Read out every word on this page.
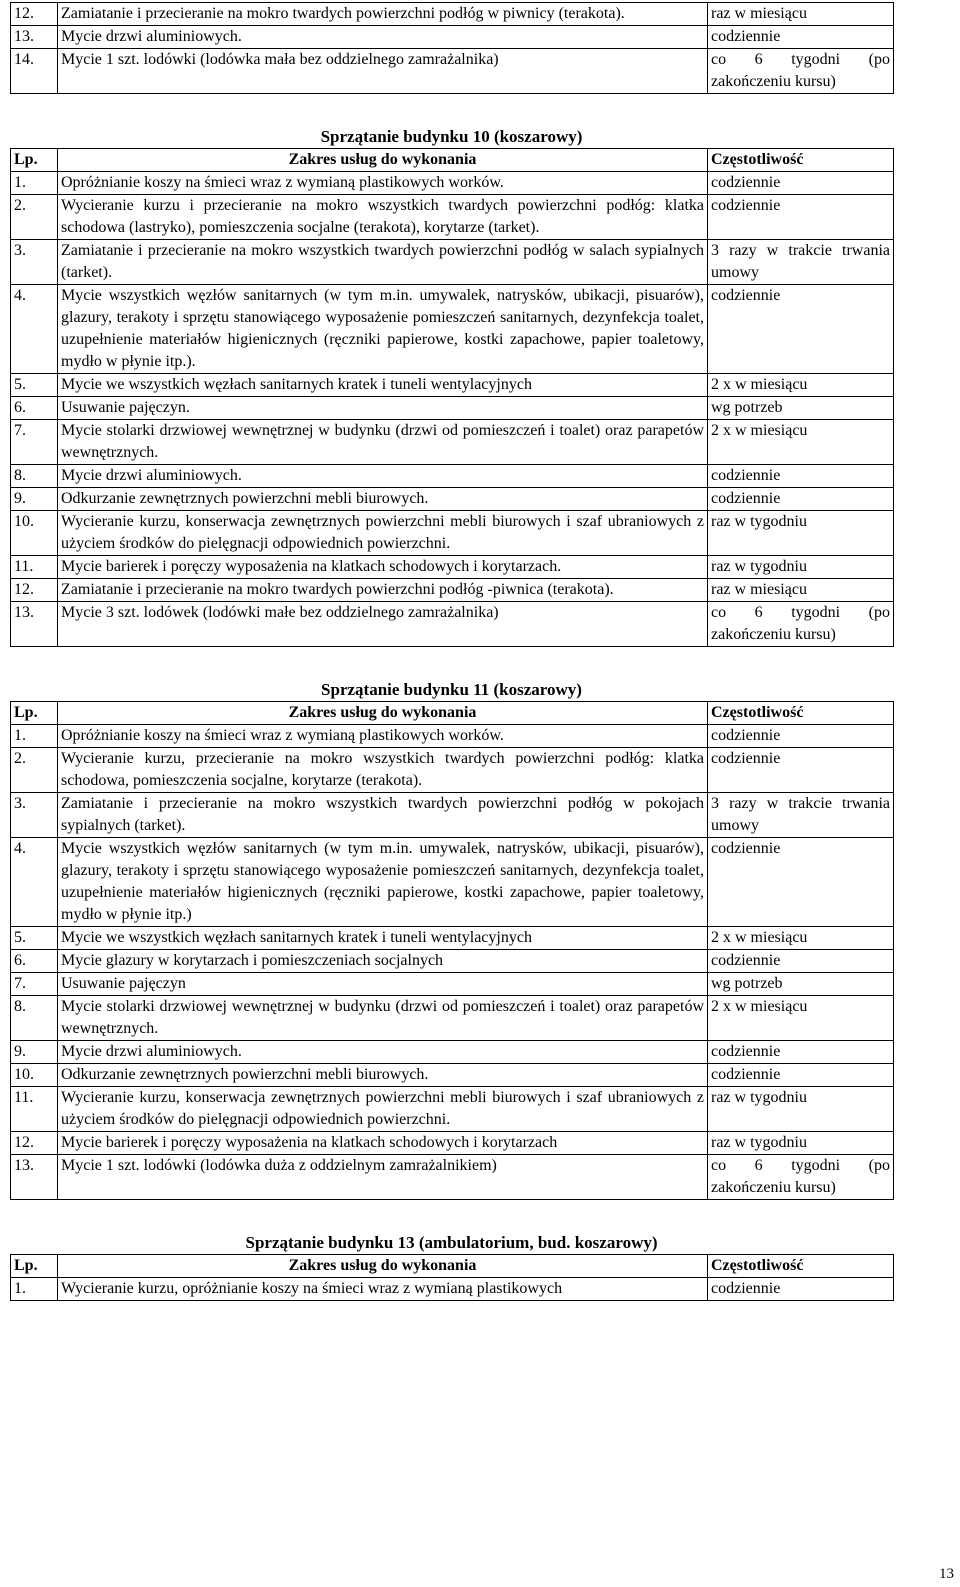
12.	Zamiatanie i przecieranie na mokro twardych powierzchni podłóg w piwnicy (terakota).	raz w miesiącu
13.	Mycie drzwi aluminiowych.	codziennie
14.	Mycie 1 szt. lodówki (lodówka mała bez oddzielnego zamrażalnika)	co 6 tygodni (po zakończeniu kursu)
Sprzątanie budynku 10 (koszarowy)
Lp.	Zakres usług do wykonania	Częstotliwość
1.	Opróżnianie koszy na śmieci wraz z wymianą plastikowych worków.	codziennie
2.	Wycieranie kurzu i przecieranie na mokro wszystkich twardych powierzchni podłóg: klatka schodowa (lastryko), pomieszczenia socjalne (terakota), korytarze (tarket).	codziennie
3.	Zamiatanie i przecieranie na mokro wszystkich twardych powierzchni podłóg w salach sypialnych (tarket).	3 razy w trakcie trwania umowy
4.	Mycie wszystkich węzłów sanitarnych (w tym m.in. umywalek, natrysków, ubikacji, pisuarów), glazury, terakoty i sprzętu stanowiącego wyposażenie pomieszczeń sanitarnych, dezynfekcja toalet, uzupełnienie materiałów higienicznych (ręczniki papierowe, kostki zapachowe, papier toaletowy, mydło w płynie itp.).	codziennie
5.	Mycie we wszystkich węzłach sanitarnych kratek i tuneli wentylacyjnych	2 x w miesiącu
6.	Usuwanie pajęczyn.	wg potrzeb
7.	Mycie stolarki drzwiowej wewnętrznej w budynku (drzwi od pomieszczeń i toalet) oraz parapetów wewnętrznych.	2 x w miesiącu
8.	Mycie drzwi aluminiowych.	codziennie
9.	Odkurzanie zewnętrznych powierzchni mebli biurowych.	codziennie
10.	Wycieranie kurzu, konserwacja zewnętrznych powierzchni mebli biurowych i szaf ubraniowych z użyciem środków do pielęgnacji odpowiednich powierzchni.	raz w tygodniu
11.	Mycie barierek i poręczy wyposażenia na klatkach schodowych i korytarzach.	raz w tygodniu
12.	Zamiatanie i przecieranie na mokro twardych powierzchni podłóg -piwnica (terakota).	raz w miesiącu
13.	Mycie 3 szt. lodówek (lodówki małe bez oddzielnego zamrażalnika)	co 6 tygodni (po zakończeniu kursu)
Sprzątanie budynku 11 (koszarowy)
Lp.	Zakres usług do wykonania	Częstotliwość
1.	Opróżnianie koszy na śmieci wraz z wymianą plastikowych worków.	codziennie
2.	Wycieranie kurzu, przecieranie na mokro wszystkich twardych powierzchni podłóg: klatka schodowa, pomieszczenia socjalne, korytarze (terakota).	codziennie
3.	Zamiatanie i przecieranie na mokro wszystkich twardych powierzchni podłóg w pokojach sypialnych (tarket).	3 razy w trakcie trwania umowy
4.	Mycie wszystkich węzłów sanitarnych (w tym m.in. umywalek, natrysków, ubikacji, pisuarów), glazury, terakoty i sprzętu stanowiącego wyposażenie pomieszczeń sanitarnych, dezynfekcja toalet, uzupełnienie materiałów higienicznych (ręczniki papierowe, kostki zapachowe, papier toaletowy, mydło w płynie itp.)	codziennie
5.	Mycie we wszystkich węzłach sanitarnych kratek i tuneli wentylacyjnych	2 x w miesiącu
6.	Mycie glazury w korytarzach i pomieszczeniach socjalnych	codziennie
7.	Usuwanie pajęczyn	wg potrzeb
8.	Mycie stolarki drzwiowej wewnętrznej w budynku (drzwi od pomieszczeń i toalet) oraz parapetów wewnętrznych.	2 x w miesiącu
9.	Mycie drzwi aluminiowych.	codziennie
10.	Odkurzanie zewnętrznych powierzchni mebli biurowych.	codziennie
11.	Wycieranie kurzu, konserwacja zewnętrznych powierzchni mebli biurowych i szaf ubraniowych z użyciem środków do pielęgnacji odpowiednich powierzchni.	raz w tygodniu
12.	Mycie barierek i poręczy wyposażenia na klatkach schodowych i korytarzach	raz w tygodniu
13.	Mycie 1 szt. lodówki (lodówka duża z oddzielnym zamrażalnikiem)	co 6 tygodni (po zakończeniu kursu)
Sprzątanie budynku 13 (ambulatorium, bud. koszarowy)
Lp.	Zakres usług do wykonania	Częstotliwość
1.	Wycieranie kurzu, opróżnianie koszy na śmieci wraz z wymianą plastikowych	codziennie
13
